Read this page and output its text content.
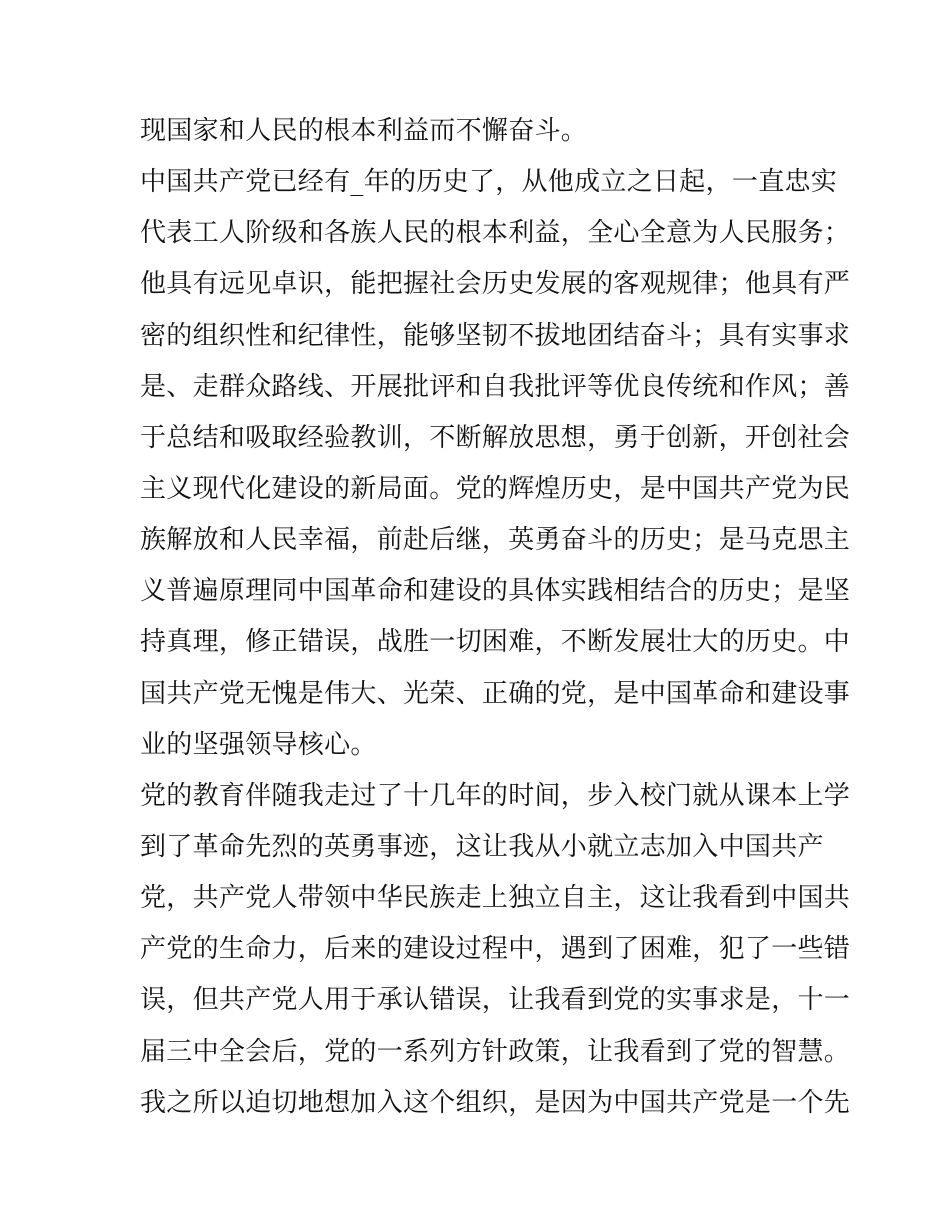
现国家和人民的根本利益而不懈奋斗。
中国共产党已经有_年的历史了，从他成立之日起，一直忠实
代表工人阶级和各族人民的根本利益，全心全意为人民服务；
他具有远见卓识，能把握社会历史发展的客观规律；他具有严
密的组织性和纪律性，能够坚韧不拔地团结奋斗；具有实事求
是、走群众路线、开展批评和自我批评等优良传统和作风；善
于总结和吸取经验教训，不断解放思想，勇于创新，开创社会
主义现代化建设的新局面。党的辉煌历史，是中国共产党为民
族解放和人民幸福，前赴后继，英勇奋斗的历史；是马克思主
义普遍原理同中国革命和建设的具体实践相结合的历史；是坚
持真理，修正错误，战胜一切困难，不断发展壮大的历史。中
国共产党无愧是伟大、光荣、正确的党，是中国革命和建设事
业的坚强领导核心。
党的教育伴随我走过了十几年的时间，步入校门就从课本上学
到了革命先烈的英勇事迹，这让我从小就立志加入中国共产
党，共产党人带领中华民族走上独立自主，这让我看到中国共
产党的生命力，后来的建设过程中，遇到了困难，犯了一些错
误，但共产党人用于承认错误，让我看到党的实事求是，十一
届三中全会后，党的一系列方针政策，让我看到了党的智慧。
我之所以迫切地想加入这个组织，是因为中国共产党是一个先
